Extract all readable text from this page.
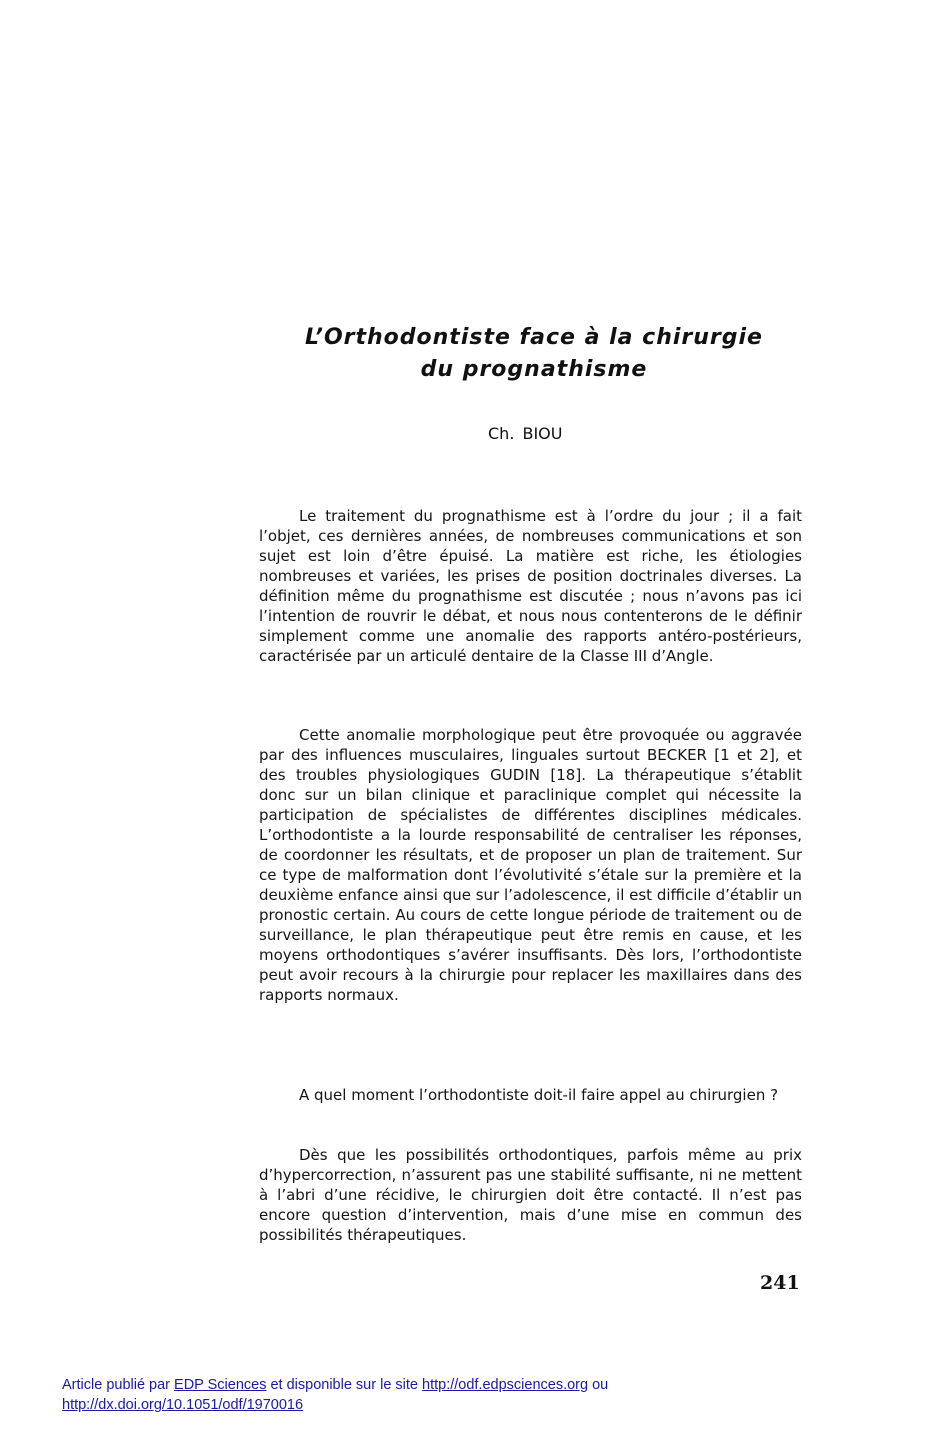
L’Orthodontiste face à la chirurgie
du prognathisme

Ch. BIOU

Le traitement du prognathisme est à l’ordre du jour ; il a fait l’objet, ces dernières années, de nombreuses communications et son sujet est loin d’être épuisé. La matière est riche, les étiologies nombreuses et variées, les prises de position doctrinales diverses. La définition même du prognathisme est discutée ; nous n’avons pas ici l’intention de rouvrir le débat, et nous nous contenterons de le définir simplement comme une anomalie des rapports antéro-postérieurs, caractérisée par un articulé dentaire de la Classe III d’Angle.

Cette anomalie morphologique peut être provoquée ou aggravée par des influences musculaires, linguales surtout BECKER [1 et 2], et des troubles physiologiques GUDIN [18]. La thérapeutique s’établit donc sur un bilan clinique et paraclinique complet qui nécessite la participation de spécialistes de différentes disciplines médicales. L’orthodontiste a la lourde responsabilité de centraliser les réponses, de coordonner les résultats, et de proposer un plan de traitement. Sur ce type de malformation dont l’évolutivité s’étale sur la première et la deuxième enfance ainsi que sur l’adolescence, il est difficile d’établir un pronostic certain. Au cours de cette longue période de traitement ou de surveillance, le plan thérapeutique peut être remis en cause, et les moyens orthodontiques s’avérer insuffisants. Dès lors, l’orthodontiste peut avoir recours à la chirurgie pour replacer les maxillaires dans des rapports normaux.

A quel moment l’orthodontiste doit-il faire appel au chirurgien ?

Dès que les possibilités orthodontiques, parfois même au prix d’hypercorrection, n’assurent pas une stabilité suffisante, ni ne mettent à l’abri d’une récidive, le chirurgien doit être contacté. Il n’est pas encore question d’intervention, mais d’une mise en commun des possibilités thérapeutiques.

241

Article publié par EDP Sciences et disponible sur le site http://odf.edpsciences.org ou
http://dx.doi.org/10.1051/odf/1970016
